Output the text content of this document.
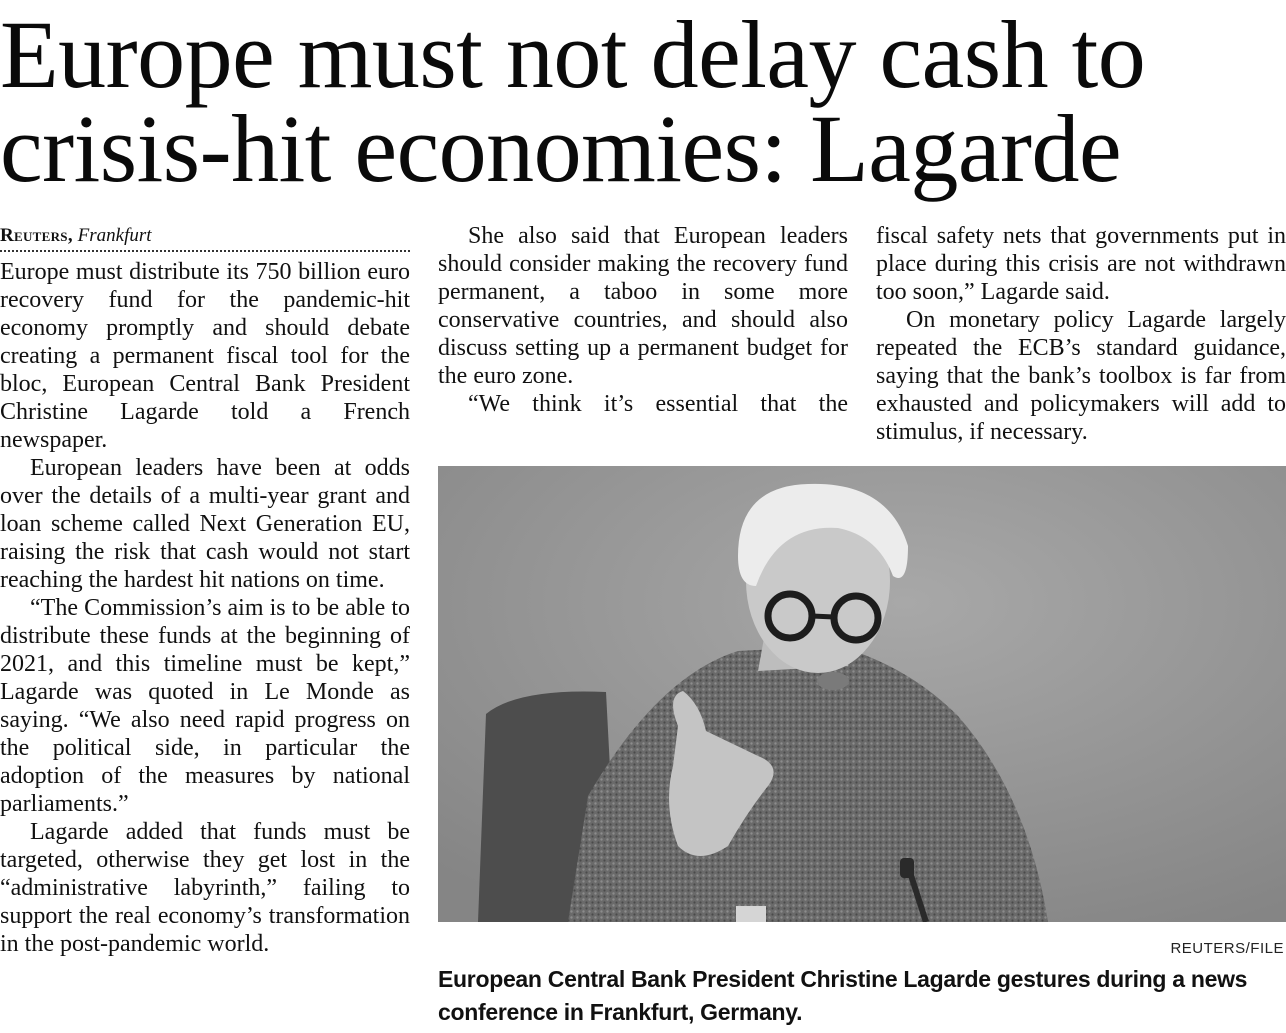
Europe must not delay cash to
crisis-hit economies: Lagarde
Reuters, Frankfurt

Europe must distribute its 750 billion euro recovery fund for the pandemic-hit economy promptly and should debate creating a permanent fiscal tool for the bloc, European Central Bank President Christine Lagarde told a French newspaper.

European leaders have been at odds over the details of a multi-year grant and loan scheme called Next Generation EU, raising the risk that cash would not start reaching the hardest hit nations on time.

“The Commission’s aim is to be able to distribute these funds at the beginning of 2021, and this timeline must be kept,” Lagarde was quoted in Le Monde as saying. “We also need rapid progress on the political side, in particular the adoption of the measures by national parliaments.”

Lagarde added that funds must be targeted, otherwise they get lost in the “administrative labyrinth,” failing to support the real economy’s transformation in the post-pandemic world.

She also said that European leaders should consider making the recovery fund permanent, a taboo in some more conservative countries, and should also discuss setting up a permanent budget for the euro zone.

“We think it’s essential that the

fiscal safety nets that governments put in place during this crisis are not withdrawn too soon,” Lagarde said.

On monetary policy Lagarde largely repeated the ECB’s standard guidance, saying that the bank’s toolbox is far from exhausted and policymakers will add to stimulus, if necessary.

REUTERS/FILE
European Central Bank President Christine Lagarde gestures during a news conference in Frankfurt, Germany.
